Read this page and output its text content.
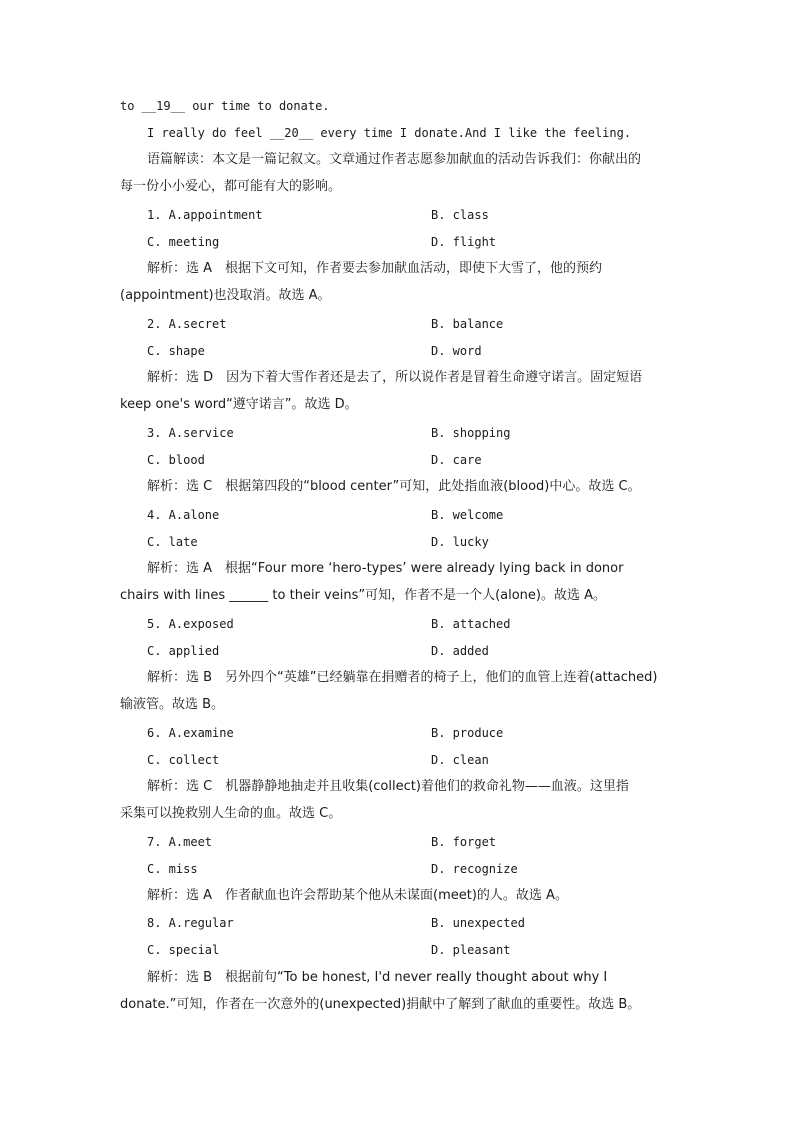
to __19__ our time to donate.
I really do feel __20__ every time I donate.And I like the feeling.
语篇解读：本文是一篇记叙文。文章通过作者志愿参加献血的活动告诉我们：你献出的
每一份小小爱心，都可能有大的影响。
1. A.appointment	B. class
C. meeting	D. flight
解析：选 A　根据下文可知，作者要去参加献血活动，即使下大雪了，他的预约
(appointment)也没取消。故选 A。
2. A.secret	B. balance
C. shape	D. word
解析：选 D　因为下着大雪作者还是去了，所以说作者是冒着生命遵守诺言。固定短语
keep one's word“遵守诺言”。故选 D。
3. A.service	B. shopping
C. blood	D. care
解析：选 C　根据第四段的“blood center”可知，此处指血液(blood)中心。故选 C。
4. A.alone	B. welcome
C. late	D. lucky
解析：选 A　根据“Four more ‘hero-types’ were already lying back in donor
chairs with lines ______ to their veins”可知，作者不是一个人(alone)。故选 A。
5. A.exposed	B. attached
C. applied	D. added
解析：选 B　另外四个“英雄”已经躺靠在捐赠者的椅子上，他们的血管上连着(attached)
输液管。故选 B。
6. A.examine	B. produce
C. collect	D. clean
解析：选 C　机器静静地抽走并且收集(collect)着他们的救命礼物——血液。这里指
采集可以挽救别人生命的血。故选 C。
7. A.meet	B. forget
C. miss	D. recognize
解析：选 A　作者献血也许会帮助某个他从未谋面(meet)的人。故选 A。
8. A.regular	B. unexpected
C. special	D. pleasant
解析：选 B　根据前句“To be honest, I'd never really thought about why I
donate.”可知，作者在一次意外的(unexpected)捐献中了解到了献血的重要性。故选 B。
